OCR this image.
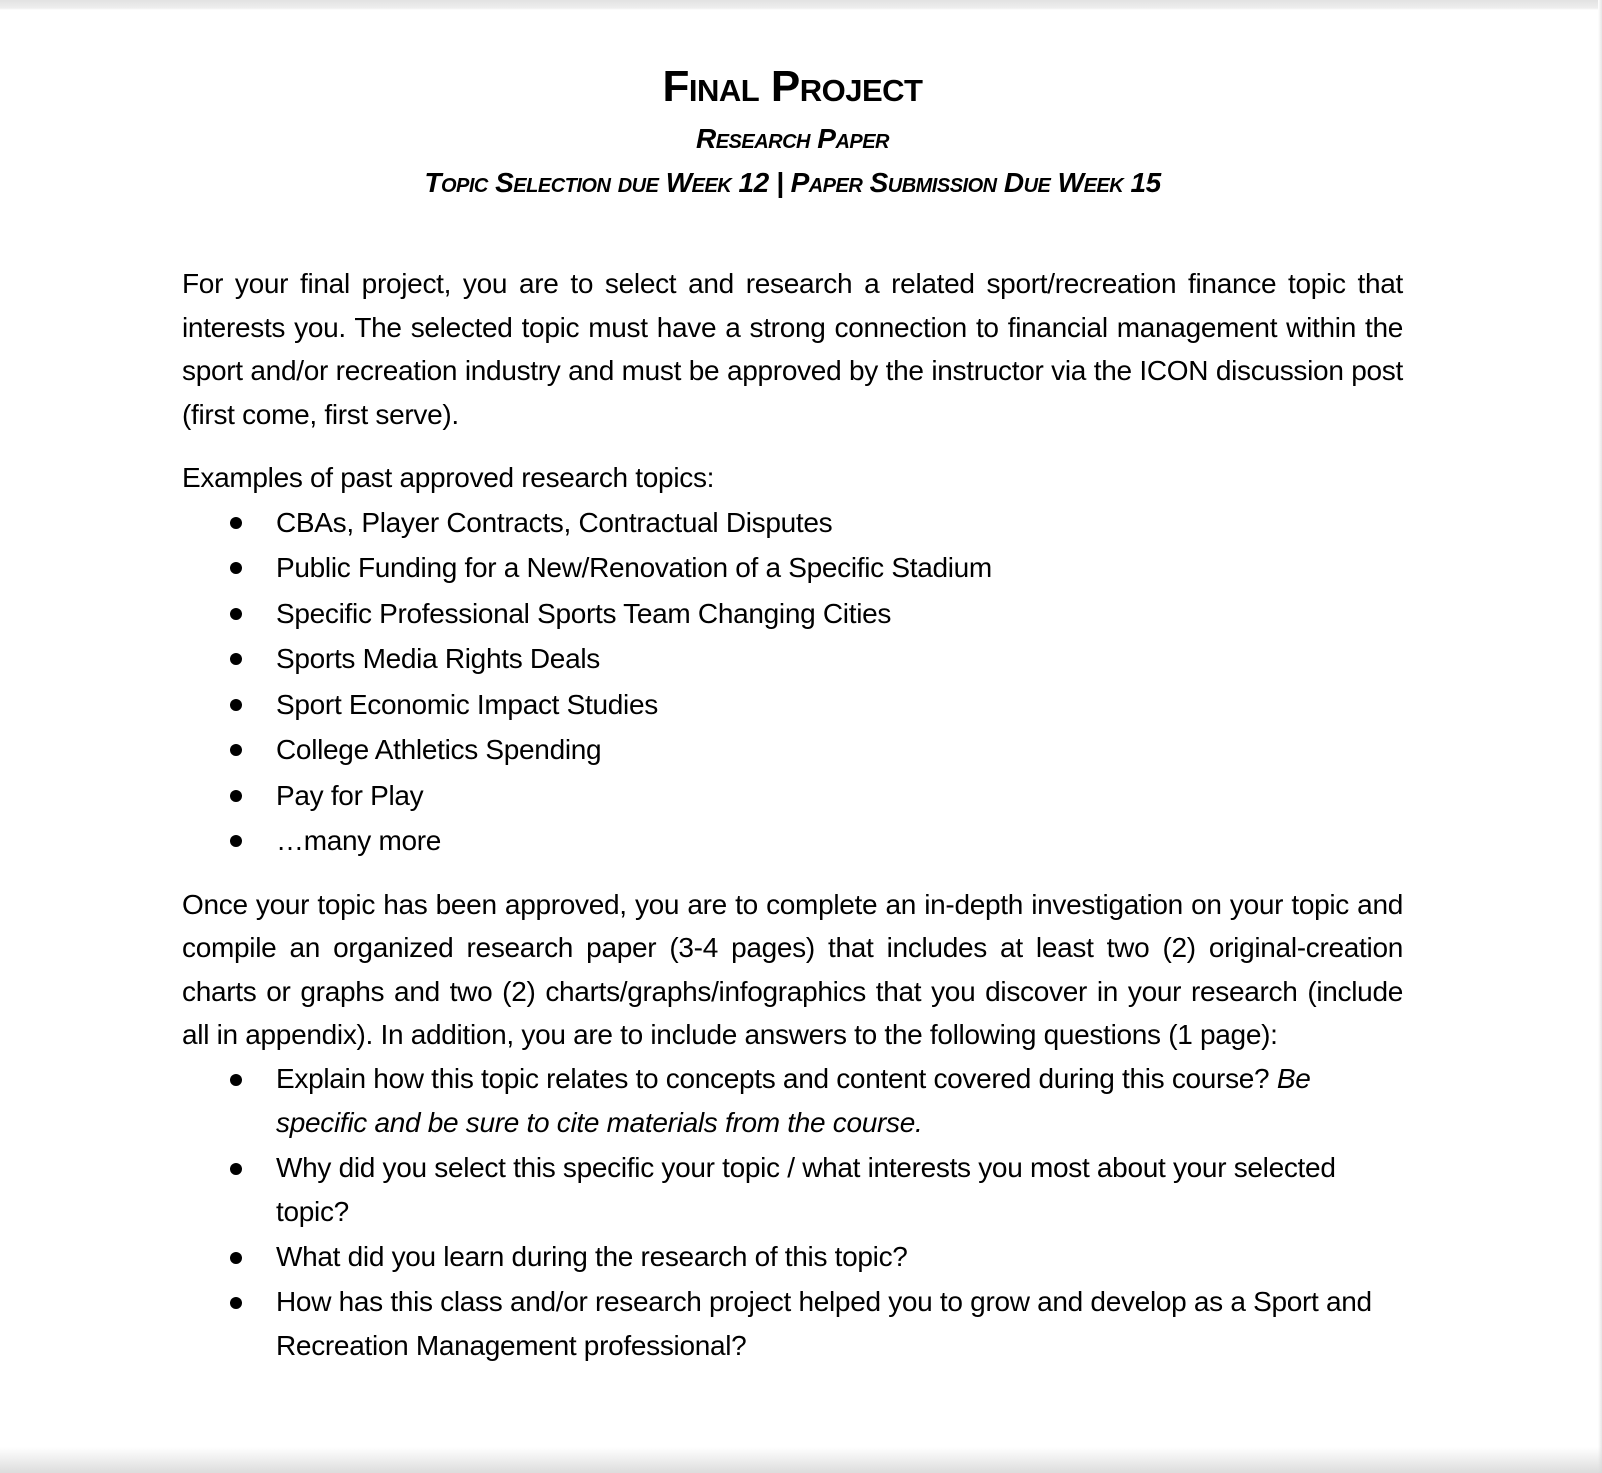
Final Project
Research Paper
Topic Selection due Week 12 | Paper Submission Due Week 15

For your final project, you are to select and research a related sport/recreation finance topic that interests you. The selected topic must have a strong connection to financial management within the sport and/or recreation industry and must be approved by the instructor via the ICON discussion post (first come, first serve).

Examples of past approved research topics:

CBAs, Player Contracts, Contractual Disputes
Public Funding for a New/Renovation of a Specific Stadium
Specific Professional Sports Team Changing Cities
Sports Media Rights Deals
Sport Economic Impact Studies
College Athletics Spending
Pay for Play
…many more

Once your topic has been approved, you are to complete an in-depth investigation on your topic and compile an organized research paper (3-4 pages) that includes at least two (2) original-creation charts or graphs and two (2) charts/graphs/infographics that you discover in your research (include all in appendix). In addition, you are to include answers to the following questions (1 page):

Explain how this topic relates to concepts and content covered during this course? Be specific and be sure to cite materials from the course.
Why did you select this specific your topic / what interests you most about your selected topic?
What did you learn during the research of this topic?
How has this class and/or research project helped you to grow and develop as a Sport and Recreation Management professional?
